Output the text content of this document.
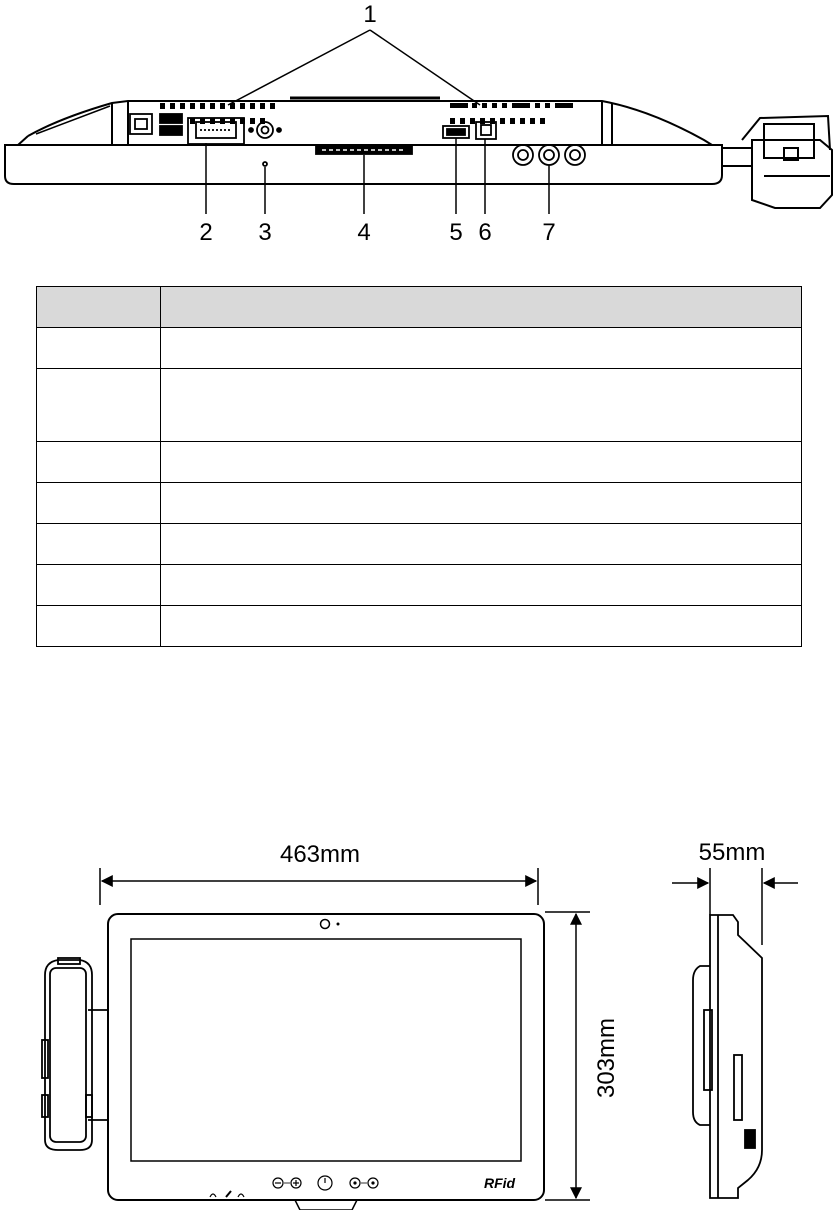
1
2 3	4	5 6 7

463mm
303mm
55mm
RFid
